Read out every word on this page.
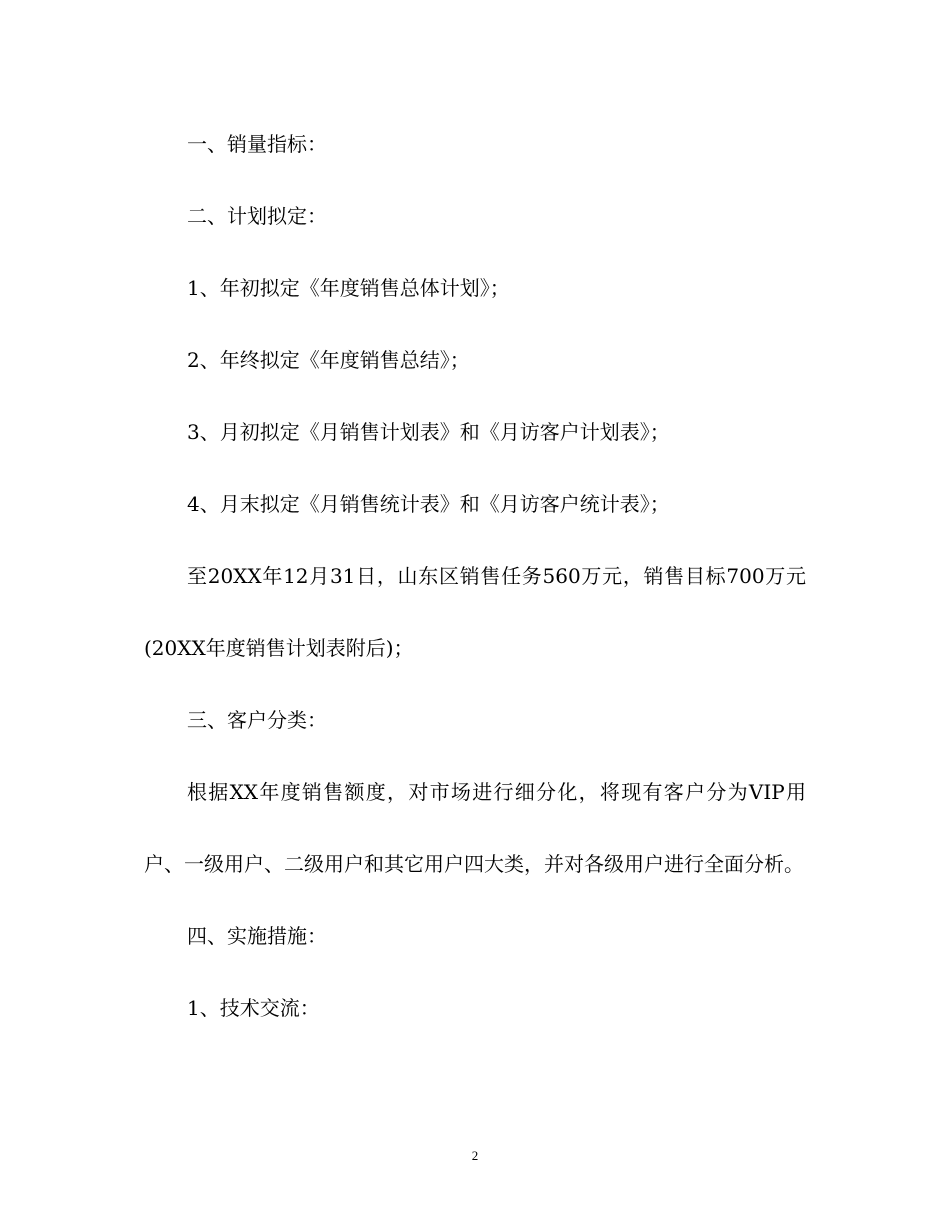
一、销量指标：

二、计划拟定：

1、年初拟定《年度销售总体计划》；

2、年终拟定《年度销售总结》；

3、月初拟定《月销售计划表》和《月访客户计划表》；

4、月末拟定《月销售统计表》和《月访客户统计表》；

至20XX年12月31日，山东区销售任务560万元，销售目标700万元(20XX年度销售计划表附后)；

三、客户分类：

根据XX年度销售额度，对市场进行细分化，将现有客户分为VIP用户、一级用户、二级用户和其它用户四大类，并对各级用户进行全面分析。

四、实施措施：

1、技术交流：

2
